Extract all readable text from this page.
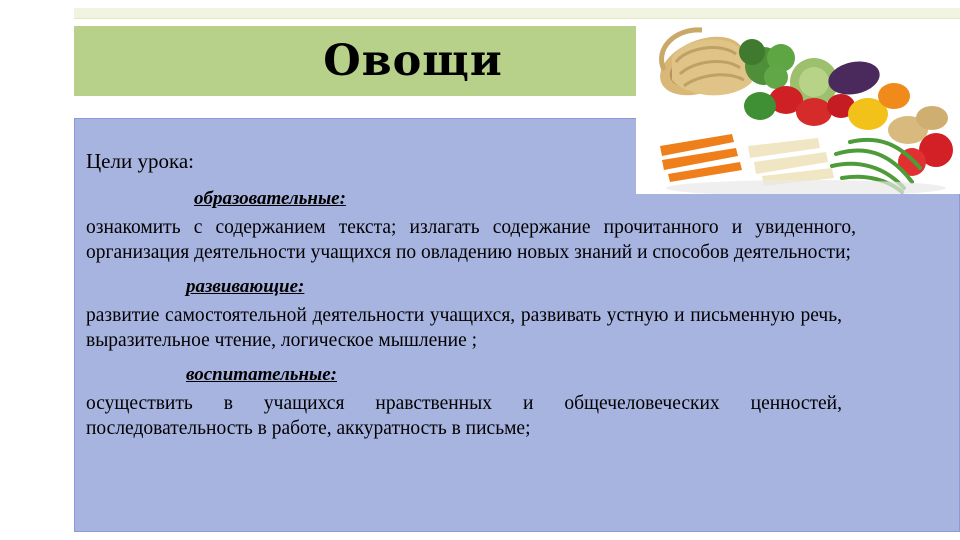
Овощи

Цели урока:

образовательные:

ознакомить с содержанием текста; излагать содержание прочитанного и увиденного, организация деятельности учащихся по овладению новых знаний и способов деятельности;

развивающие:

развитие самостоятельной деятельности учащихся, развивать устную и письменную речь, выразительное чтение, логическое мышление ;

воспитательные:

осуществить в учащихся нравственных и общечеловеческих ценностей, последовательность в работе, аккуратность в письме;
